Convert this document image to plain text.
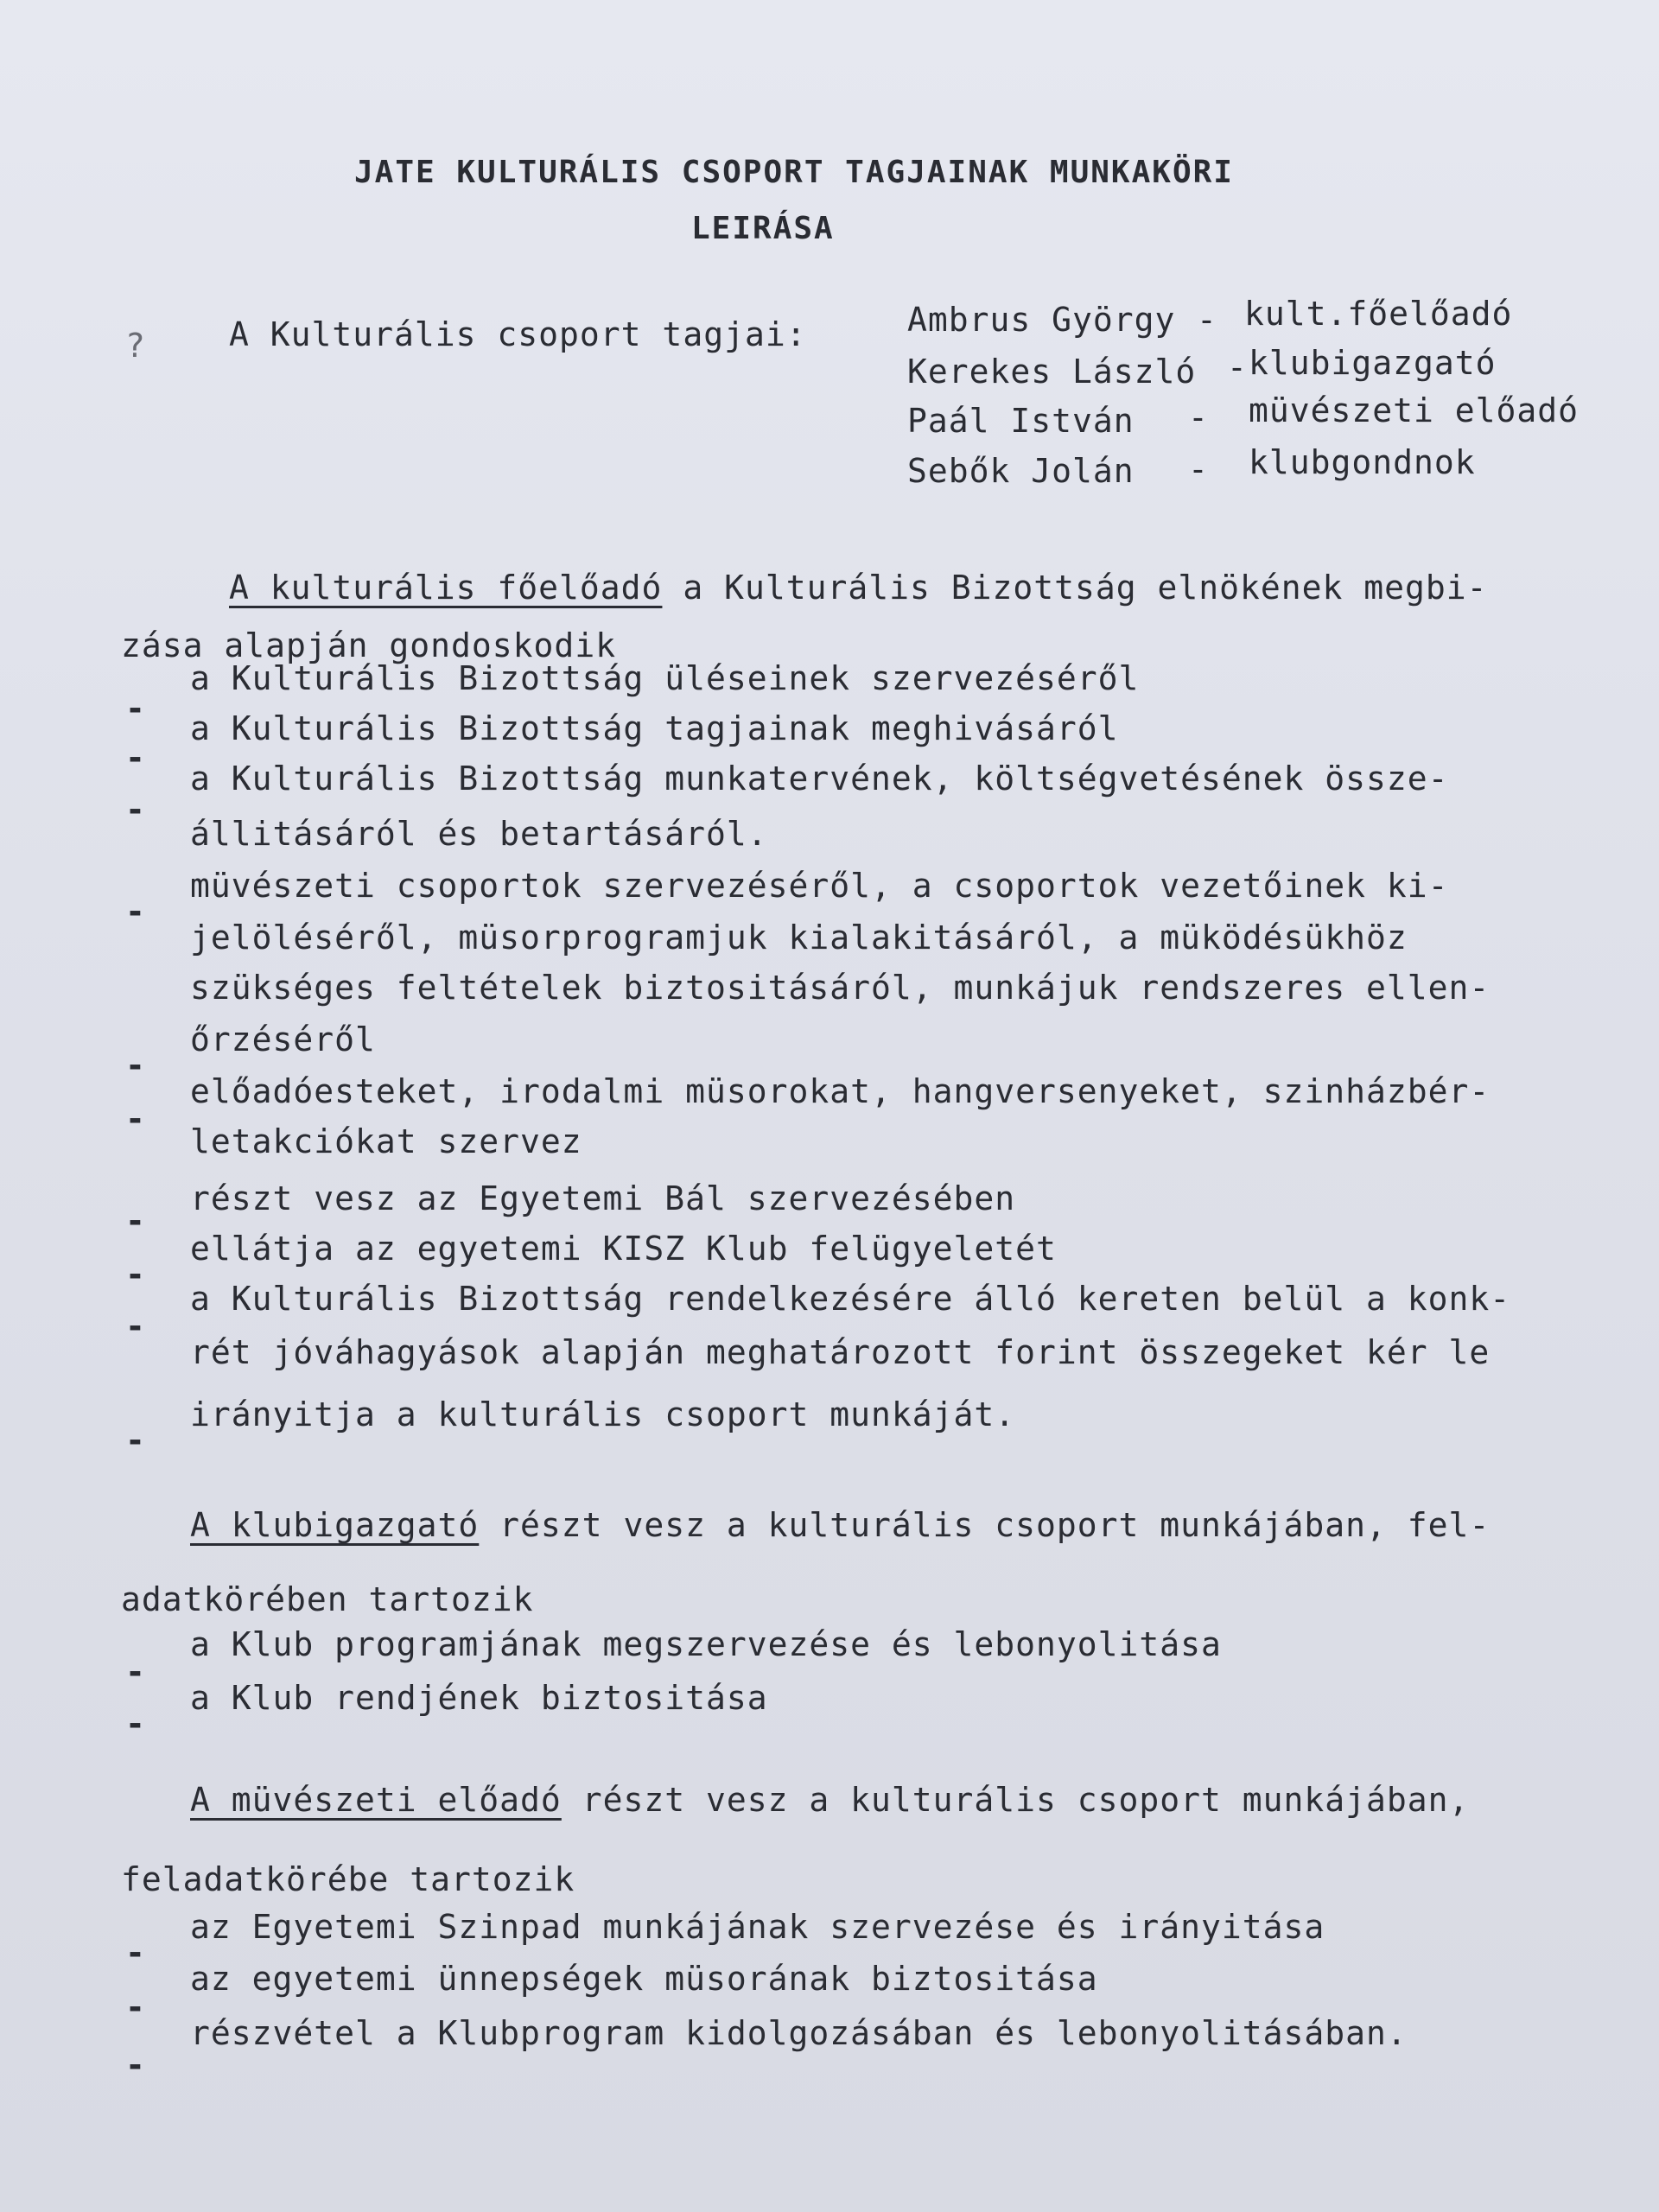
JATE KULTURÁLIS CSOPORT TAGJAINAK MUNKAKÖRI
LEIRÁSA
?	A Kulturális csoport tagjai:	Ambrus György - kult.főelőadó
Kerekes László - klubigazgató
Paál István - müvészeti előadó
Sebők Jolán - klubgondnok
A kulturális főelőadó a Kulturális Bizottság elnökének megbi-
zása alapján gondoskodik
-
a Kulturális Bizottság üléseinek szervezéséről
-
a Kulturális Bizottság tagjainak meghivásáról
-
a Kulturális Bizottság munkatervének, költségvetésének össze-
állitásáról és betartásáról.
-
müvészeti csoportok szervezéséről, a csoportok vezetőinek ki-
jelöléséről, müsorprogramjuk kialakitásáról, a müködésükhöz
szükséges feltételek biztositásáról, munkájuk rendszeres ellen-
-
őrzéséről
-
előadóesteket, irodalmi müsorokat, hangversenyeket, szinházbér-
letakciókat szervez
-
részt vesz az Egyetemi Bál szervezésében
-
ellátja az egyetemi KISZ Klub felügyeletét
-
a Kulturális Bizottság rendelkezésére álló kereten belül a konk-
rét jóváhagyások alapján meghatározott forint összegeket kér le
-
irányitja a kulturális csoport munkáját.
A klubigazgató részt vesz a kulturális csoport munkájában, fel-
adatkörében tartozik
-
a Klub programjának megszervezése és lebonyolitása
-
a Klub rendjének biztositása
A müvészeti előadó részt vesz a kulturális csoport munkájában,
feladatkörébe tartozik
-
az Egyetemi Szinpad munkájának szervezése és irányitása
-
az egyetemi ünnepségek müsorának biztositása
-
részvétel a Klubprogram kidolgozásában és lebonyolitásában.
